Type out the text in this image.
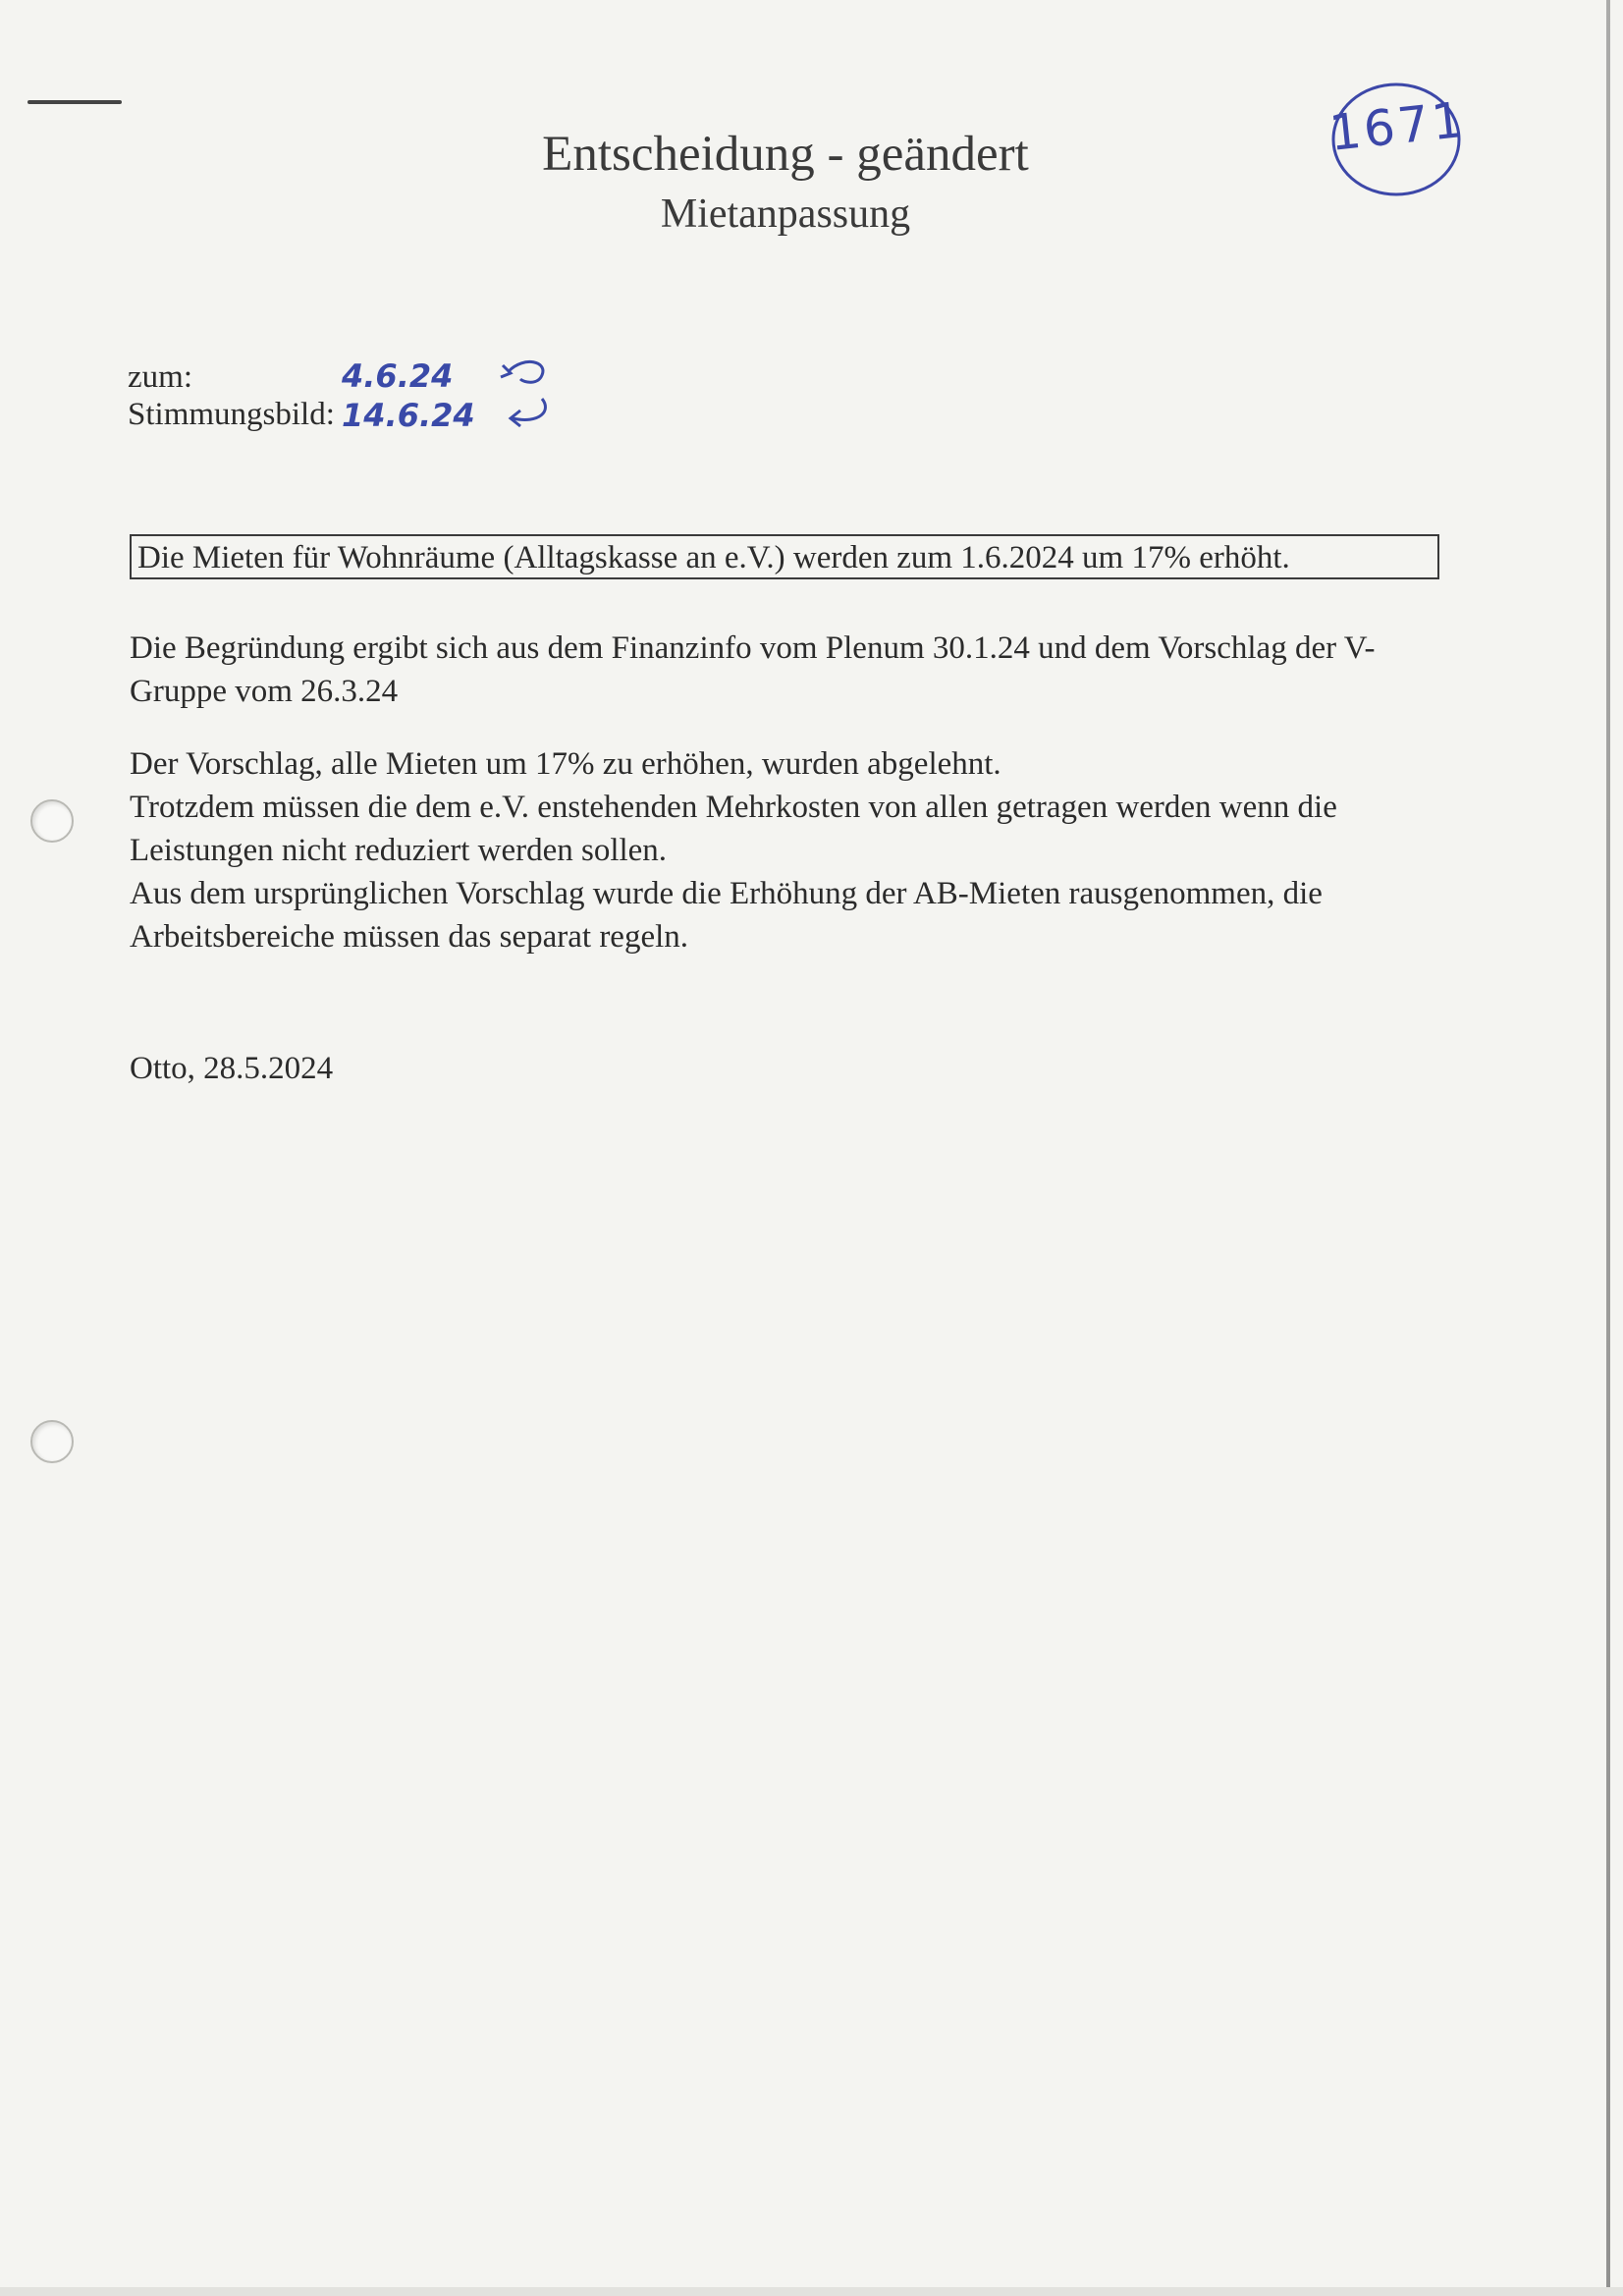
Entscheidung - geändert
Mietanpassung
1671
zum:	4.6.24
Stimmungsbild: 14.6.24
Die Mieten für Wohnräume (Alltagskasse an e.V.) werden zum 1.6.2024 um 17% erhöht.
Die Begründung ergibt sich aus dem Finanzinfo vom Plenum 30.1.24 und dem Vorschlag der V-
Gruppe vom 26.3.24
Der Vorschlag, alle Mieten um 17% zu erhöhen, wurden abgelehnt.
Trotzdem müssen die dem e.V. enstehenden Mehrkosten von allen getragen werden wenn die
Leistungen nicht reduziert werden sollen.
Aus dem ursprünglichen Vorschlag wurde die Erhöhung der AB-Mieten rausgenommen, die
Arbeitsbereiche müssen das separat regeln.
Otto, 28.5.2024
